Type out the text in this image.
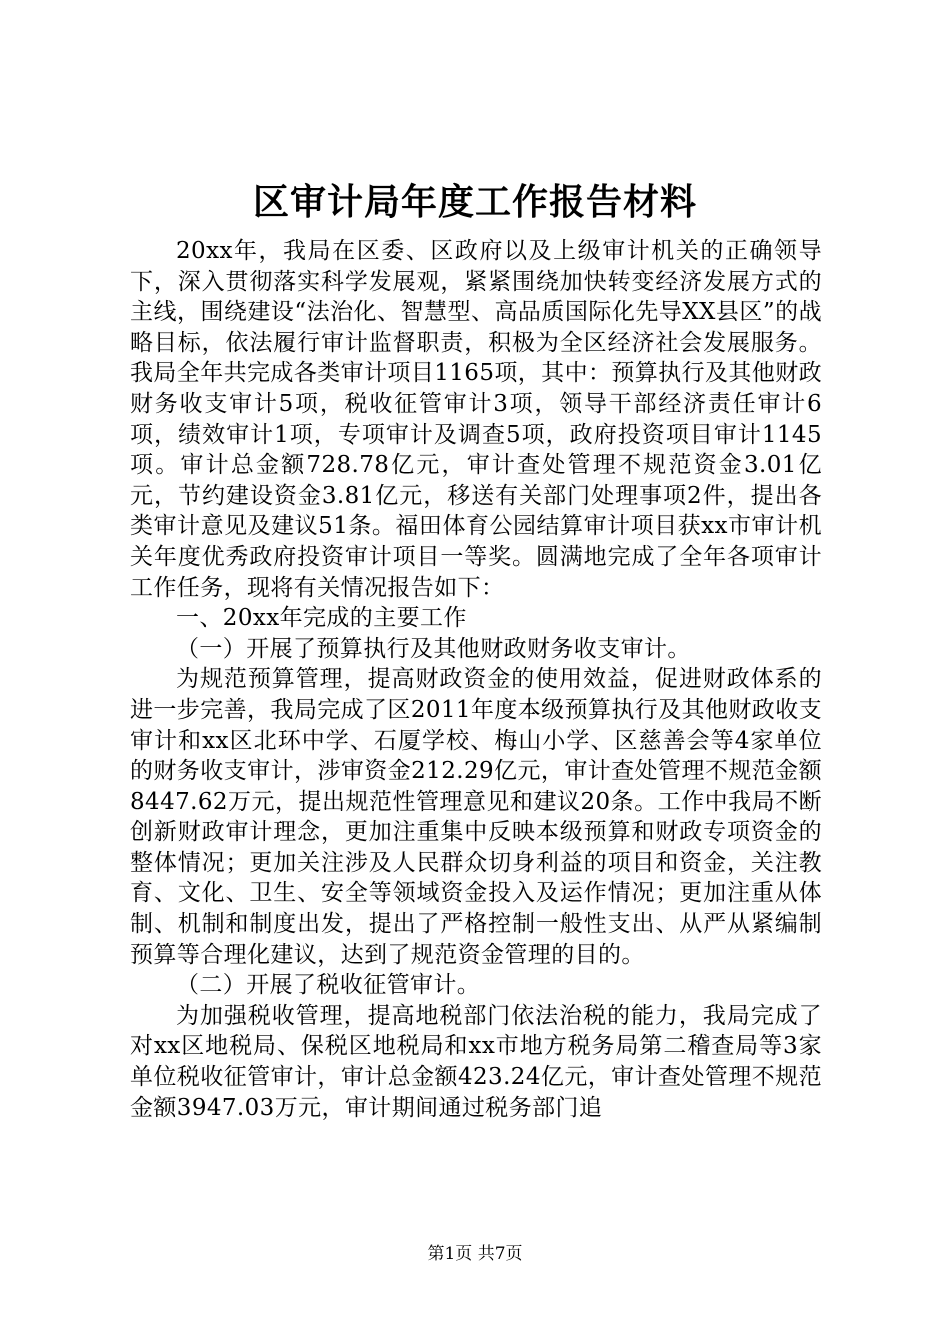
区审计局年度工作报告材料

20xx年，我局在区委、区政府以及上级审计机关的正确领导下，深入贯彻落实科学发展观，紧紧围绕加快转变经济发展方式的主线，围绕建设“法治化、智慧型、高品质国际化先导XX县区”的战略目标，依法履行审计监督职责，积极为全区经济社会发展服务。我局全年共完成各类审计项目1165项，其中：预算执行及其他财政财务收支审计5项，税收征管审计3项，领导干部经济责任审计6项，绩效审计1项，专项审计及调查5项，政府投资项目审计1145项。审计总金额728.78亿元，审计查处管理不规范资金3.01亿元，节约建设资金3.81亿元，移送有关部门处理事项2件，提出各类审计意见及建议51条。福田体育公园结算审计项目获xx市审计机关年度优秀政府投资审计项目一等奖。圆满地完成了全年各项审计工作任务，现将有关情况报告如下：

一、20xx年完成的主要工作

（一）开展了预算执行及其他财政财务收支审计。

为规范预算管理，提高财政资金的使用效益，促进财政体系的进一步完善，我局完成了区2011年度本级预算执行及其他财政收支审计和xx区北环中学、石厦学校、梅山小学、区慈善会等4家单位的财务收支审计，涉审资金212.29亿元，审计查处管理不规范金额8447.62万元，提出规范性管理意见和建议20条。工作中我局不断创新财政审计理念，更加注重集中反映本级预算和财政专项资金的整体情况；更加关注涉及人民群众切身利益的项目和资金，关注教育、文化、卫生、安全等领域资金投入及运作情况；更加注重从体制、机制和制度出发，提出了严格控制一般性支出、从严从紧编制预算等合理化建议，达到了规范资金管理的目的。

（二）开展了税收征管审计。

为加强税收管理，提高地税部门依法治税的能力，我局完成了对xx区地税局、保税区地税局和xx市地方税务局第二稽查局等3家单位税收征管审计，审计总金额423.24亿元，审计查处管理不规范金额3947.03万元，审计期间通过税务部门追

第1页 共7页
